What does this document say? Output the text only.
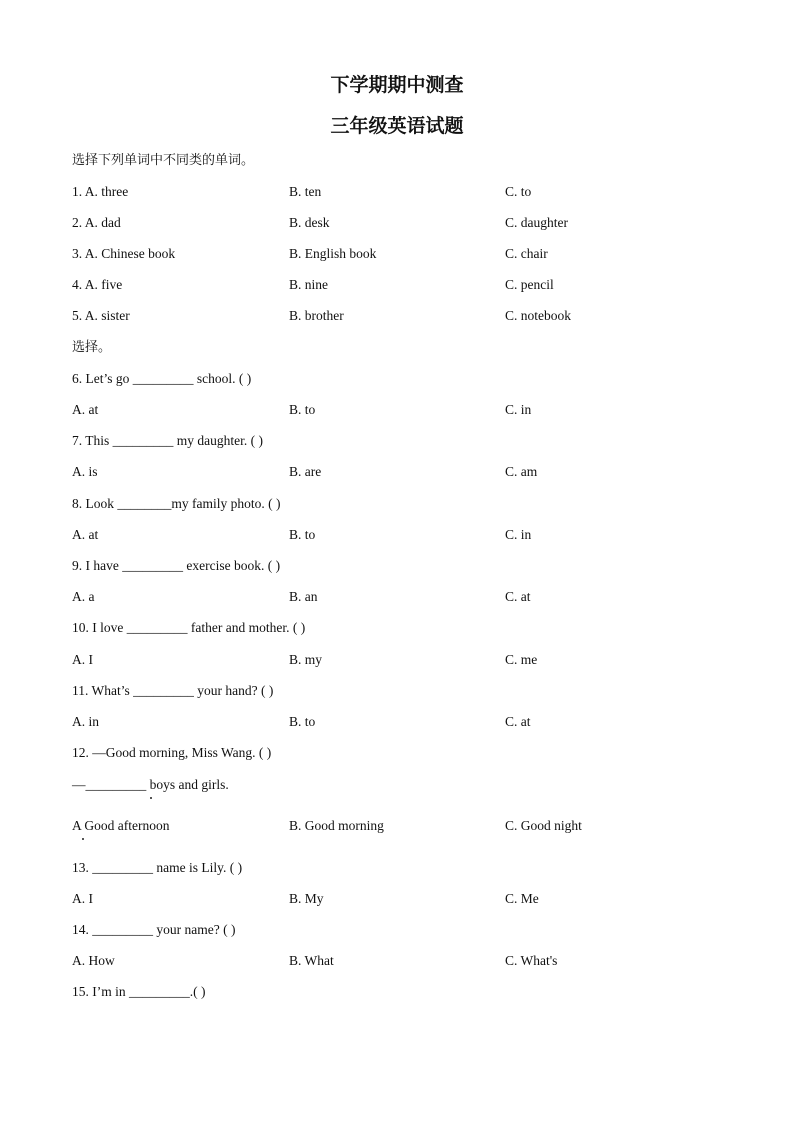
下学期期中测查
三年级英语试题
选择下列单词中不同类的单词。
1. A. three	B. ten	C. to
2. A. dad	B. desk	C. daughter
3. A. Chinese book	B. English book	C. chair
4. A. five	B. nine	C. pencil
5. A. sister	B. brother	C. notebook
选择。
6. Let’s go _________ school. ( )
A. at	B. to	C. in
7. This _________ my daughter. ( )
A. is	B. are	C. am
8. Look ________my family photo. ( )
A. at	B. to	C. in
9. I have _________ exercise book. ( )
A. a	B. an	C. at
10. I love _________ father and mother. ( )
A. I	B. my	C. me
11. What’s _________ your hand? ( )
A. in	B. to	C. at
12. —Good morning, Miss Wang. ( )
—_________ boys and girls.
A Good afternoon	B. Good morning	C. Good night
13. _________ name is Lily. ( )
A. I	B. My	C. Me
14. _________ your name? ( )
A. How	B. What	C. What's
15. I’m in _________.( )
